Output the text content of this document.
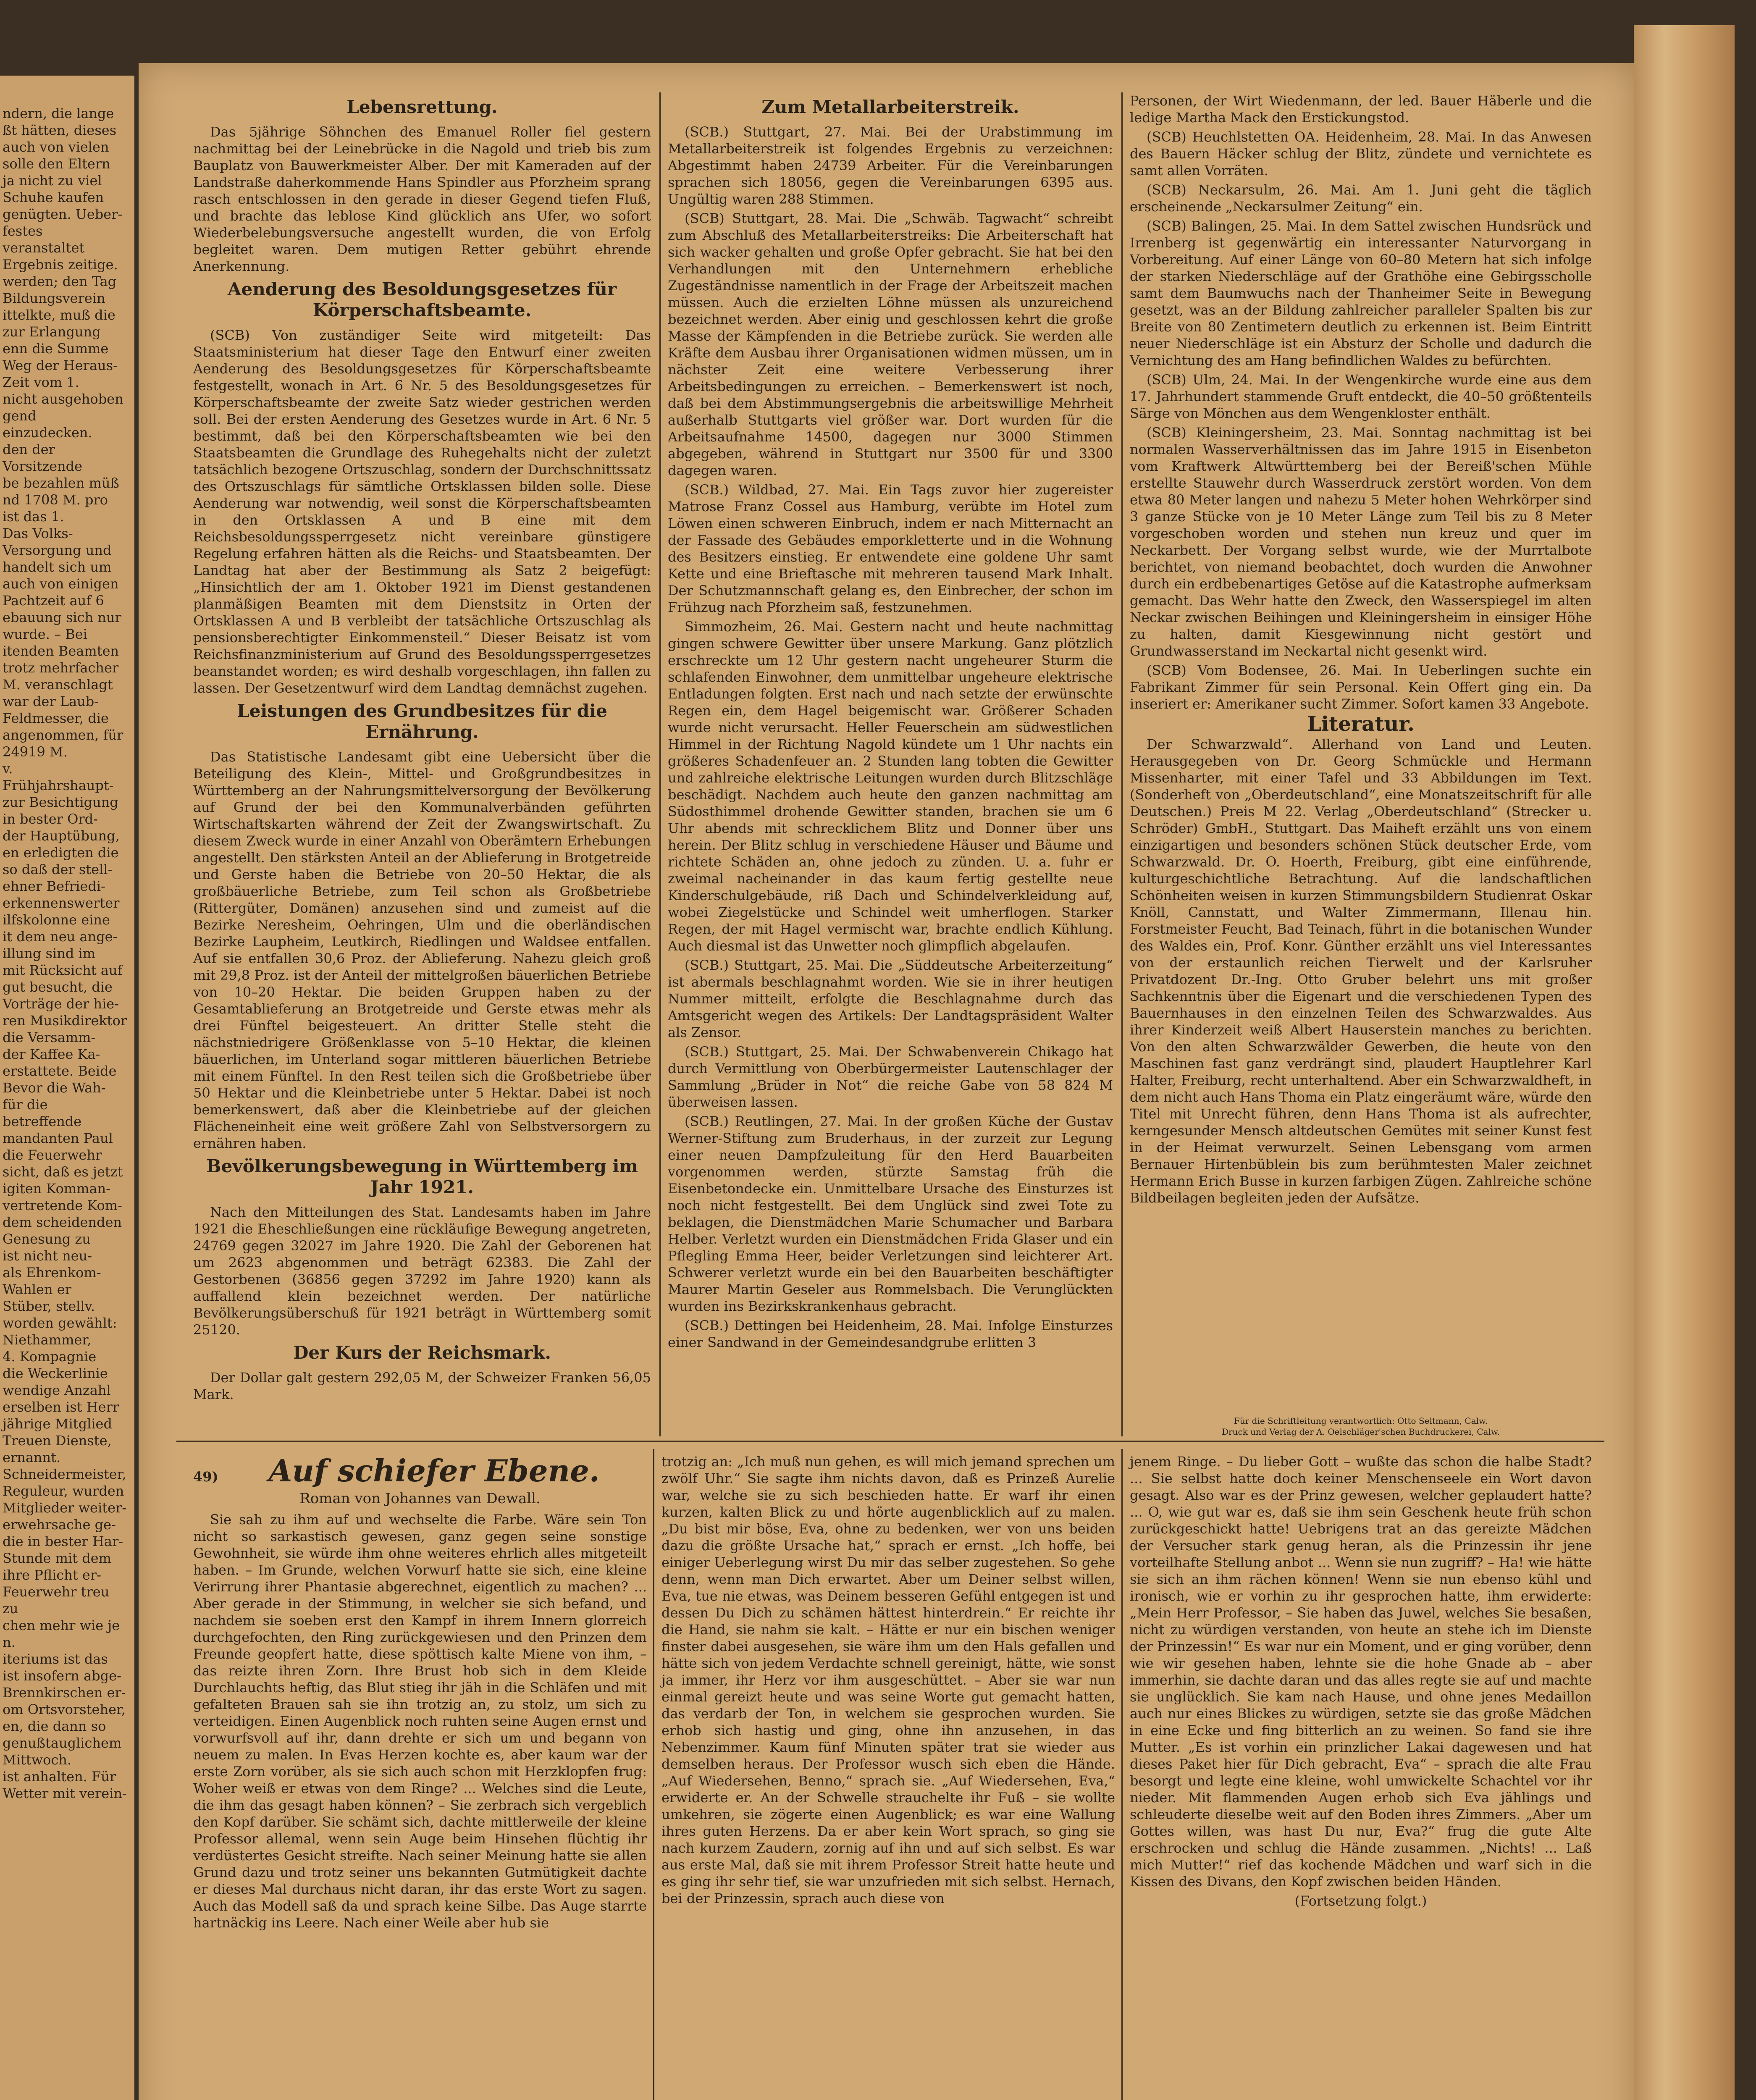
ndern, die lange

ßt hätten, dieses

auch von vielen

solle den Eltern

ja nicht zu viel

Schuhe kaufen

genügten. Ueber-

festes veranstaltet

Ergebnis zeitige.

werden; den Tag

Bildungsverein

ittelkte, muß die

zur Erlangung

enn die Summe

Weg der Heraus-

Zeit vom 1.

nicht ausgehoben

gend einzudecken.

den der Vorsitzende

be bezahlen müß

nd 1708 M. pro

ist das 1.

Das Volks-

Versorgung und

handelt sich um

auch von einigen

Pachtzeit auf 6

ebauung sich nur

wurde. – Bei

itenden Beamten

trotz mehrfacher

M. veranschlagt

war der Laub-

Feldmesser, die

angenommen, für

24919 M.

v.

Frühjahrshaupt-

zur Besichtigung

in bester Ord-

der Hauptübung,

en erledigten die

so daß der stell-

ehner Befriedi-

erkennenswerter

ilfskolonne eine

it dem neu ange-

illung sind im

mit Rücksicht auf

gut besucht, die

Vorträge der hie-

ren Musikdirektor

die Versamm-

der Kaffee Ka-

erstattete. Beide

Bevor die Wah-

für die betreffende

mandanten Paul

die Feuerwehr

sicht, daß es jetzt

igiten Komman-

vertretende Kom-

dem scheidenden

Genesung zu

ist nicht neu-

als Ehrenkom-

Wahlen er

Stüber, stellv.

worden gewählt:

Niethammer,

4. Kompagnie

die Weckerlinie

wendige Anzahl

erselben ist Herr

jährige Mitglied

Treuen Dienste,

ernannt.

Schneidermeister,

Reguleur, wurden

Mitglieder weiter-

erwehrsache ge-

die in bester Har-

Stunde mit dem

ihre Pflicht er-

Feuerwehr treu zu

chen mehr wie je

n.

iteriums ist das

ist insofern abge-

Brennkirschen er-

om Ortsvorsteher,

en, die dann so

genußtauglichem

Mittwoch.

ist anhalten. Für

Wetter mit verein-

Lebensrettung.

Das 5jährige Söhnchen des Emanuel Roller fiel gestern nachmittag bei der Leinebrücke in die Nagold und trieb bis zum Bauplatz von Bauwerkmeister Alber. Der mit Kameraden auf der Landstraße daherkommende Hans Spindler aus Pforzheim sprang rasch entschlossen in den gerade in dieser Gegend tiefen Fluß, und brachte das leblose Kind glücklich ans Ufer, wo sofort Wiederbelebungsversuche angestellt wurden, die von Erfolg begleitet waren. Dem mutigen Retter gebührt ehrende Anerkennung.

Aenderung des Besoldungsgesetzes für Körperschaftsbeamte.

(SCB) Von zuständiger Seite wird mitgeteilt: Das Staatsministerium hat dieser Tage den Entwurf einer zweiten Aenderung des Besoldungsgesetzes für Körperschaftsbeamte festgestellt, wonach in Art. 6 Nr. 5 des Besoldungsgesetzes für Körperschaftsbeamte der zweite Satz wieder gestrichen werden soll. Bei der ersten Aenderung des Gesetzes wurde in Art. 6 Nr. 5 bestimmt, daß bei den Körperschaftsbeamten wie bei den Staatsbeamten die Grundlage des Ruhegehalts nicht der zuletzt tatsächlich bezogene Ortszuschlag, sondern der Durchschnittssatz des Ortszuschlags für sämtliche Ortsklassen bilden solle. Diese Aenderung war notwendig, weil sonst die Körperschaftsbeamten in den Ortsklassen A und B eine mit dem Reichsbesoldungssperrgesetz nicht vereinbare günstigere Regelung erfahren hätten als die Reichs- und Staatsbeamten. Der Landtag hat aber der Bestimmung als Satz 2 beigefügt: „Hinsichtlich der am 1. Oktober 1921 im Dienst gestandenen planmäßigen Beamten mit dem Dienstsitz in Orten der Ortsklassen A und B verbleibt der tatsächliche Ortszuschlag als pensionsberechtigter Einkommensteil.“ Dieser Beisatz ist vom Reichsfinanzministerium auf Grund des Besoldungssperrgesetzes beanstandet worden; es wird deshalb vorgeschlagen, ihn fallen zu lassen. Der Gesetzentwurf wird dem Landtag demnächst zugehen.

Leistungen des Grundbesitzes für die Ernährung.

Das Statistische Landesamt gibt eine Uebersicht über die Beteiligung des Klein-, Mittel- und Großgrundbesitzes in Württemberg an der Nahrungsmittelversorgung der Bevölkerung auf Grund der bei den Kommunalverbänden geführten Wirtschaftskarten während der Zeit der Zwangswirtschaft. Zu diesem Zweck wurde in einer Anzahl von Oberämtern Erhebungen angestellt. Den stärksten Anteil an der Ablieferung in Brotgetreide und Gerste haben die Betriebe von 20–50 Hektar, die als großbäuerliche Betriebe, zum Teil schon als Großbetriebe (Rittergüter, Domänen) anzusehen sind und zumeist auf die Bezirke Neresheim, Oehringen, Ulm und die oberländischen Bezirke Laupheim, Leutkirch, Riedlingen und Waldsee entfallen. Auf sie entfallen 30,6 Proz. der Ablieferung. Nahezu gleich groß mit 29,8 Proz. ist der Anteil der mittelgroßen bäuerlichen Betriebe von 10–20 Hektar. Die beiden Gruppen haben zu der Gesamtablieferung an Brotgetreide und Gerste etwas mehr als drei Fünftel beigesteuert. An dritter Stelle steht die nächstniedrigere Größenklasse von 5–10 Hektar, die kleinen bäuerlichen, im Unterland sogar mittleren bäuerlichen Betriebe mit einem Fünftel. In den Rest teilen sich die Großbetriebe über 50 Hektar und die Kleinbetriebe unter 5 Hektar. Dabei ist noch bemerkenswert, daß aber die Kleinbetriebe auf der gleichen Flächeneinheit eine weit größere Zahl von Selbstversorgern zu ernähren haben.

Bevölkerungsbewegung in Württemberg im Jahr 1921.

Nach den Mitteilungen des Stat. Landesamts haben im Jahre 1921 die Eheschließungen eine rückläufige Bewegung angetreten, 24769 gegen 32027 im Jahre 1920. Die Zahl der Geborenen hat um 2623 abgenommen und beträgt 62383. Die Zahl der Gestorbenen (36856 gegen 37292 im Jahre 1920) kann als auffallend klein bezeichnet werden. Der natürliche Bevölkerungsüberschuß für 1921 beträgt in Württemberg somit 25120.

Der Kurs der Reichsmark.

Der Dollar galt gestern 292,05 M, der Schweizer Franken 56,05 Mark.

Zum Metallarbeiterstreik.

(SCB.) Stuttgart, 27. Mai. Bei der Urabstimmung im Metallarbeiterstreik ist folgendes Ergebnis zu verzeichnen: Abgestimmt haben 24739 Arbeiter. Für die Vereinbarungen sprachen sich 18056, gegen die Vereinbarungen 6395 aus. Ungültig waren 288 Stimmen.

(SCB) Stuttgart, 28. Mai. Die „Schwäb. Tagwacht“ schreibt zum Abschluß des Metallarbeiterstreiks: Die Arbeiterschaft hat sich wacker gehalten und große Opfer gebracht. Sie hat bei den Verhandlungen mit den Unternehmern erhebliche Zugeständnisse namentlich in der Frage der Arbeitszeit machen müssen. Auch die erzielten Löhne müssen als unzureichend bezeichnet werden. Aber einig und geschlossen kehrt die große Masse der Kämpfenden in die Betriebe zurück. Sie werden alle Kräfte dem Ausbau ihrer Organisationen widmen müssen, um in nächster Zeit eine weitere Verbesserung ihrer Arbeitsbedingungen zu erreichen. – Bemerkenswert ist noch, daß bei dem Abstimmungsergebnis die arbeitswillige Mehrheit außerhalb Stuttgarts viel größer war. Dort wurden für die Arbeitsaufnahme 14500, dagegen nur 3000 Stimmen abgegeben, während in Stuttgart nur 3500 für und 3300 dagegen waren.

(SCB.) Wildbad, 27. Mai. Ein Tags zuvor hier zugereister Matrose Franz Cossel aus Hamburg, verübte im Hotel zum Löwen einen schweren Einbruch, indem er nach Mitternacht an der Fassade des Gebäudes emporkletterte und in die Wohnung des Besitzers einstieg. Er entwendete eine goldene Uhr samt Kette und eine Brieftasche mit mehreren tausend Mark Inhalt. Der Schutzmannschaft gelang es, den Einbrecher, der schon im Frühzug nach Pforzheim saß, festzunehmen.

Simmozheim, 26. Mai. Gestern nacht und heute nachmittag gingen schwere Gewitter über unsere Markung. Ganz plötzlich erschreckte um 12 Uhr gestern nacht ungeheurer Sturm die schlafenden Einwohner, dem unmittelbar ungeheure elektrische Entladungen folgten. Erst nach und nach setzte der erwünschte Regen ein, dem Hagel beigemischt war. Größerer Schaden wurde nicht verursacht. Heller Feuerschein am südwestlichen Himmel in der Richtung Nagold kündete um 1 Uhr nachts ein größeres Schadenfeuer an. 2 Stunden lang tobten die Gewitter und zahlreiche elektrische Leitungen wurden durch Blitzschläge beschädigt. Nachdem auch heute den ganzen nachmittag am Südosthimmel drohende Gewitter standen, brachen sie um 6 Uhr abends mit schrecklichem Blitz und Donner über uns herein. Der Blitz schlug in verschiedene Häuser und Bäume und richtete Schäden an, ohne jedoch zu zünden. U. a. fuhr er zweimal nacheinander in das kaum fertig gestellte neue Kinderschulgebäude, riß Dach und Schindelverkleidung auf, wobei Ziegelstücke und Schindel weit umherflogen. Starker Regen, der mit Hagel vermischt war, brachte endlich Kühlung. Auch diesmal ist das Unwetter noch glimpflich abgelaufen.

(SCB.) Stuttgart, 25. Mai. Die „Süddeutsche Arbeiterzeitung“ ist abermals beschlagnahmt worden. Wie sie in ihrer heutigen Nummer mitteilt, erfolgte die Beschlagnahme durch das Amtsgericht wegen des Artikels: Der Landtagspräsident Walter als Zensor.

(SCB.) Stuttgart, 25. Mai. Der Schwabenverein Chikago hat durch Vermittlung von Oberbürgermeister Lautenschlager der Sammlung „Brüder in Not“ die reiche Gabe von 58 824 M überweisen lassen.

(SCB.) Reutlingen, 27. Mai. In der großen Küche der Gustav Werner-Stiftung zum Bruderhaus, in der zurzeit zur Legung einer neuen Dampfzuleitung für den Herd Bauarbeiten vorgenommen werden, stürzte Samstag früh die Eisenbetondecke ein. Unmittelbare Ursache des Einsturzes ist noch nicht festgestellt. Bei dem Unglück sind zwei Tote zu beklagen, die Dienstmädchen Marie Schumacher und Barbara Helber. Verletzt wurden ein Dienstmädchen Frida Glaser und ein Pflegling Emma Heer, beider Verletzungen sind leichterer Art. Schwerer verletzt wurde ein bei den Bauarbeiten beschäftigter Maurer Martin Geseler aus Rommelsbach. Die Verunglückten wurden ins Bezirkskrankenhaus gebracht.

(SCB.) Dettingen bei Heidenheim, 28. Mai. Infolge Einsturzes einer Sandwand in der Gemeindesandgrube erlitten 3

Personen, der Wirt Wiedenmann, der led. Bauer Häberle und die ledige Martha Mack den Erstickungstod.

(SCB) Heuchlstetten OA. Heidenheim, 28. Mai. In das Anwesen des Bauern Häcker schlug der Blitz, zündete und vernichtete es samt allen Vorräten.

(SCB) Neckarsulm, 26. Mai. Am 1. Juni geht die täglich erscheinende „Neckarsulmer Zeitung“ ein.

(SCB) Balingen, 25. Mai. In dem Sattel zwischen Hundsrück und Irrenberg ist gegenwärtig ein interessanter Naturvorgang in Vorbereitung. Auf einer Länge von 60–80 Metern hat sich infolge der starken Niederschläge auf der Grathöhe eine Gebirgsscholle samt dem Baumwuchs nach der Thanheimer Seite in Bewegung gesetzt, was an der Bildung zahlreicher paralleler Spalten bis zur Breite von 80 Zentimetern deutlich zu erkennen ist. Beim Eintritt neuer Niederschläge ist ein Absturz der Scholle und dadurch die Vernichtung des am Hang befindlichen Waldes zu befürchten.

(SCB) Ulm, 24. Mai. In der Wengenkirche wurde eine aus dem 17. Jahrhundert stammende Gruft entdeckt, die 40–50 größtenteils Särge von Mönchen aus dem Wengenkloster enthält.

(SCB) Kleiningersheim, 23. Mai. Sonntag nachmittag ist bei normalen Wasserverhältnissen das im Jahre 1915 in Eisenbeton vom Kraftwerk Altwürttemberg bei der Bereiß'schen Mühle erstellte Stauwehr durch Wasserdruck zerstört worden. Von dem etwa 80 Meter langen und nahezu 5 Meter hohen Wehrkörper sind 3 ganze Stücke von je 10 Meter Länge zum Teil bis zu 8 Meter vorgeschoben worden und stehen nun kreuz und quer im Neckarbett. Der Vorgang selbst wurde, wie der Murrtalbote berichtet, von niemand beobachtet, doch wurden die Anwohner durch ein erdbebenartiges Getöse auf die Katastrophe aufmerksam gemacht. Das Wehr hatte den Zweck, den Wasserspiegel im alten Neckar zwischen Beihingen und Kleiningersheim in einsiger Höhe zu halten, damit Kiesgewinnung nicht gestört und Grundwasserstand im Neckartal nicht gesenkt wird.

(SCB) Vom Bodensee, 26. Mai. In Ueberlingen suchte ein Fabrikant Zimmer für sein Personal. Kein Offert ging ein. Da inseriert er: Amerikaner sucht Zimmer. Sofort kamen 33 Angebote.

Literatur.

Der Schwarzwald“. Allerhand von Land und Leuten. Herausgegeben von Dr. Georg Schmückle und Hermann Missenharter, mit einer Tafel und 33 Abbildungen im Text. (Sonderheft von „Oberdeutschland“, eine Monatszeitschrift für alle Deutschen.) Preis M 22. Verlag „Oberdeutschland“ (Strecker u. Schröder) GmbH., Stuttgart. Das Maiheft erzählt uns von einem einzigartigen und besonders schönen Stück deutscher Erde, vom Schwarzwald. Dr. O. Hoerth, Freiburg, gibt eine einführende, kulturgeschichtliche Betrachtung. Auf die landschaftlichen Schönheiten weisen in kurzen Stimmungsbildern Studienrat Oskar Knöll, Cannstatt, und Walter Zimmermann, Illenau hin. Forstmeister Feucht, Bad Teinach, führt in die botanischen Wunder des Waldes ein, Prof. Konr. Günther erzählt uns viel Interessantes von der erstaunlich reichen Tierwelt und der Karlsruher Privatdozent Dr.-Ing. Otto Gruber belehrt uns mit großer Sachkenntnis über die Eigenart und die verschiedenen Typen des Bauernhauses in den einzelnen Teilen des Schwarzwaldes. Aus ihrer Kinderzeit weiß Albert Hauserstein manches zu berichten. Von den alten Schwarzwälder Gewerben, die heute von den Maschinen fast ganz verdrängt sind, plaudert Hauptlehrer Karl Halter, Freiburg, recht unterhaltend. Aber ein Schwarzwaldheft, in dem nicht auch Hans Thoma ein Platz eingeräumt wäre, würde den Titel mit Unrecht führen, denn Hans Thoma ist als aufrechter, kerngesunder Mensch altdeutschen Gemütes mit seiner Kunst fest in der Heimat verwurzelt. Seinen Lebensgang vom armen Bernauer Hirtenbüblein bis zum berühmtesten Maler zeichnet Hermann Erich Busse in kurzen farbigen Zügen. Zahlreiche schöne Bildbeilagen begleiten jeden der Aufsätze.

Für die Schriftleitung verantwortlich: Otto Seltmann, Calw.
Druck und Verlag der A. Oelschläger'schen Buchdruckerei, Calw.
49) Auf schiefer Ebene.
Roman von Johannes van Dewall.

Sie sah zu ihm auf und wechselte die Farbe. Wäre sein Ton nicht so sarkastisch gewesen, ganz gegen seine sonstige Gewohnheit, sie würde ihm ohne weiteres ehrlich alles mitgeteilt haben. – Im Grunde, welchen Vorwurf hatte sie sich, eine kleine Verirrung ihrer Phantasie abgerechnet, eigentlich zu machen? ... Aber gerade in der Stimmung, in welcher sie sich befand, und nachdem sie soeben erst den Kampf in ihrem Innern glorreich durchgefochten, den Ring zurückgewiesen und den Prinzen dem Freunde geopfert hatte, diese spöttisch kalte Miene von ihm, – das reizte ihren Zorn. Ihre Brust hob sich in dem Kleide Durchlauchts heftig, das Blut stieg ihr jäh in die Schläfen und mit gefalteten Brauen sah sie ihn trotzig an, zu stolz, um sich zu verteidigen. Einen Augenblick noch ruhten seine Augen ernst und vorwurfsvoll auf ihr, dann drehte er sich um und begann von neuem zu malen. In Evas Herzen kochte es, aber kaum war der erste Zorn vorüber, als sie sich auch schon mit Herzklopfen frug: Woher weiß er etwas von dem Ringe? ... Welches sind die Leute, die ihm das gesagt haben können? – Sie zerbrach sich vergeblich den Kopf darüber. Sie schämt sich, dachte mittlerweile der kleine Professor allemal, wenn sein Auge beim Hinsehen flüchtig ihr verdüstertes Gesicht streifte. Nach seiner Meinung hatte sie allen Grund dazu und trotz seiner uns bekannten Gutmütigkeit dachte er dieses Mal durchaus nicht daran, ihr das erste Wort zu sagen. Auch das Modell saß da und sprach keine Silbe. Das Auge starrte hartnäckig ins Leere. Nach einer Weile aber hub sie

trotzig an: „Ich muß nun gehen, es will mich jemand sprechen um zwölf Uhr.“ Sie sagte ihm nichts davon, daß es Prinzeß Aurelie war, welche sie zu sich beschieden hatte. Er warf ihr einen kurzen, kalten Blick zu und hörte augenblicklich auf zu malen. „Du bist mir böse, Eva, ohne zu bedenken, wer von uns beiden dazu die größte Ursache hat,“ sprach er ernst. „Ich hoffe, bei einiger Ueberlegung wirst Du mir das selber zugestehen. So gehe denn, wenn man Dich erwartet. Aber um Deiner selbst willen, Eva, tue nie etwas, was Deinem besseren Gefühl entgegen ist und dessen Du Dich zu schämen hättest hinterdrein.“ Er reichte ihr die Hand, sie nahm sie kalt. – Hätte er nur ein bischen weniger finster dabei ausgesehen, sie wäre ihm um den Hals gefallen und hätte sich von jedem Verdachte schnell gereinigt, hätte, wie sonst ja immer, ihr Herz vor ihm ausgeschüttet. – Aber sie war nun einmal gereizt heute und was seine Worte gut gemacht hatten, das verdarb der Ton, in welchem sie gesprochen wurden. Sie erhob sich hastig und ging, ohne ihn anzusehen, in das Nebenzimmer. Kaum fünf Minuten später trat sie wieder aus demselben heraus. Der Professor wusch sich eben die Hände. „Auf Wiedersehen, Benno,“ sprach sie. „Auf Wiedersehen, Eva,“ erwiderte er. An der Schwelle strauchelte ihr Fuß – sie wollte umkehren, sie zögerte einen Augenblick; es war eine Wallung ihres guten Herzens. Da er aber kein Wort sprach, so ging sie nach kurzem Zaudern, zornig auf ihn und auf sich selbst. Es war aus erste Mal, daß sie mit ihrem Professor Streit hatte heute und es ging ihr sehr tief, sie war unzufrieden mit sich selbst. Hernach, bei der Prinzessin, sprach auch diese von

jenem Ringe. – Du lieber Gott – wußte das schon die halbe Stadt? ... Sie selbst hatte doch keiner Menschenseele ein Wort davon gesagt. Also war es der Prinz gewesen, welcher geplaudert hatte? ... O, wie gut war es, daß sie ihm sein Geschenk heute früh schon zurückgeschickt hatte! Uebrigens trat an das gereizte Mädchen der Versucher stark genug heran, als die Prinzessin ihr jene vorteilhafte Stellung anbot ... Wenn sie nun zugriff? – Ha! wie hätte sie sich an ihm rächen können! Wenn sie nun ebenso kühl und ironisch, wie er vorhin zu ihr gesprochen hatte, ihm erwiderte: „Mein Herr Professor, – Sie haben das Juwel, welches Sie besaßen, nicht zu würdigen verstanden, von heute an stehe ich im Dienste der Prinzessin!“ Es war nur ein Moment, und er ging vorüber, denn wie wir gesehen haben, lehnte sie die hohe Gnade ab – aber immerhin, sie dachte daran und das alles regte sie auf und machte sie unglücklich. Sie kam nach Hause, und ohne jenes Medaillon auch nur eines Blickes zu würdigen, setzte sie das große Mädchen in eine Ecke und fing bitterlich an zu weinen. So fand sie ihre Mutter. „Es ist vorhin ein prinzlicher Lakai dagewesen und hat dieses Paket hier für Dich gebracht, Eva“ – sprach die alte Frau besorgt und legte eine kleine, wohl umwickelte Schachtel vor ihr nieder. Mit flammenden Augen erhob sich Eva jählings und schleuderte dieselbe weit auf den Boden ihres Zimmers. „Aber um Gottes willen, was hast Du nur, Eva?“ frug die gute Alte erschrocken und schlug die Hände zusammen. „Nichts! ... Laß mich Mutter!“ rief das kochende Mädchen und warf sich in die Kissen des Divans, den Kopf zwischen beiden Händen.

(Fortsetzung folgt.)
